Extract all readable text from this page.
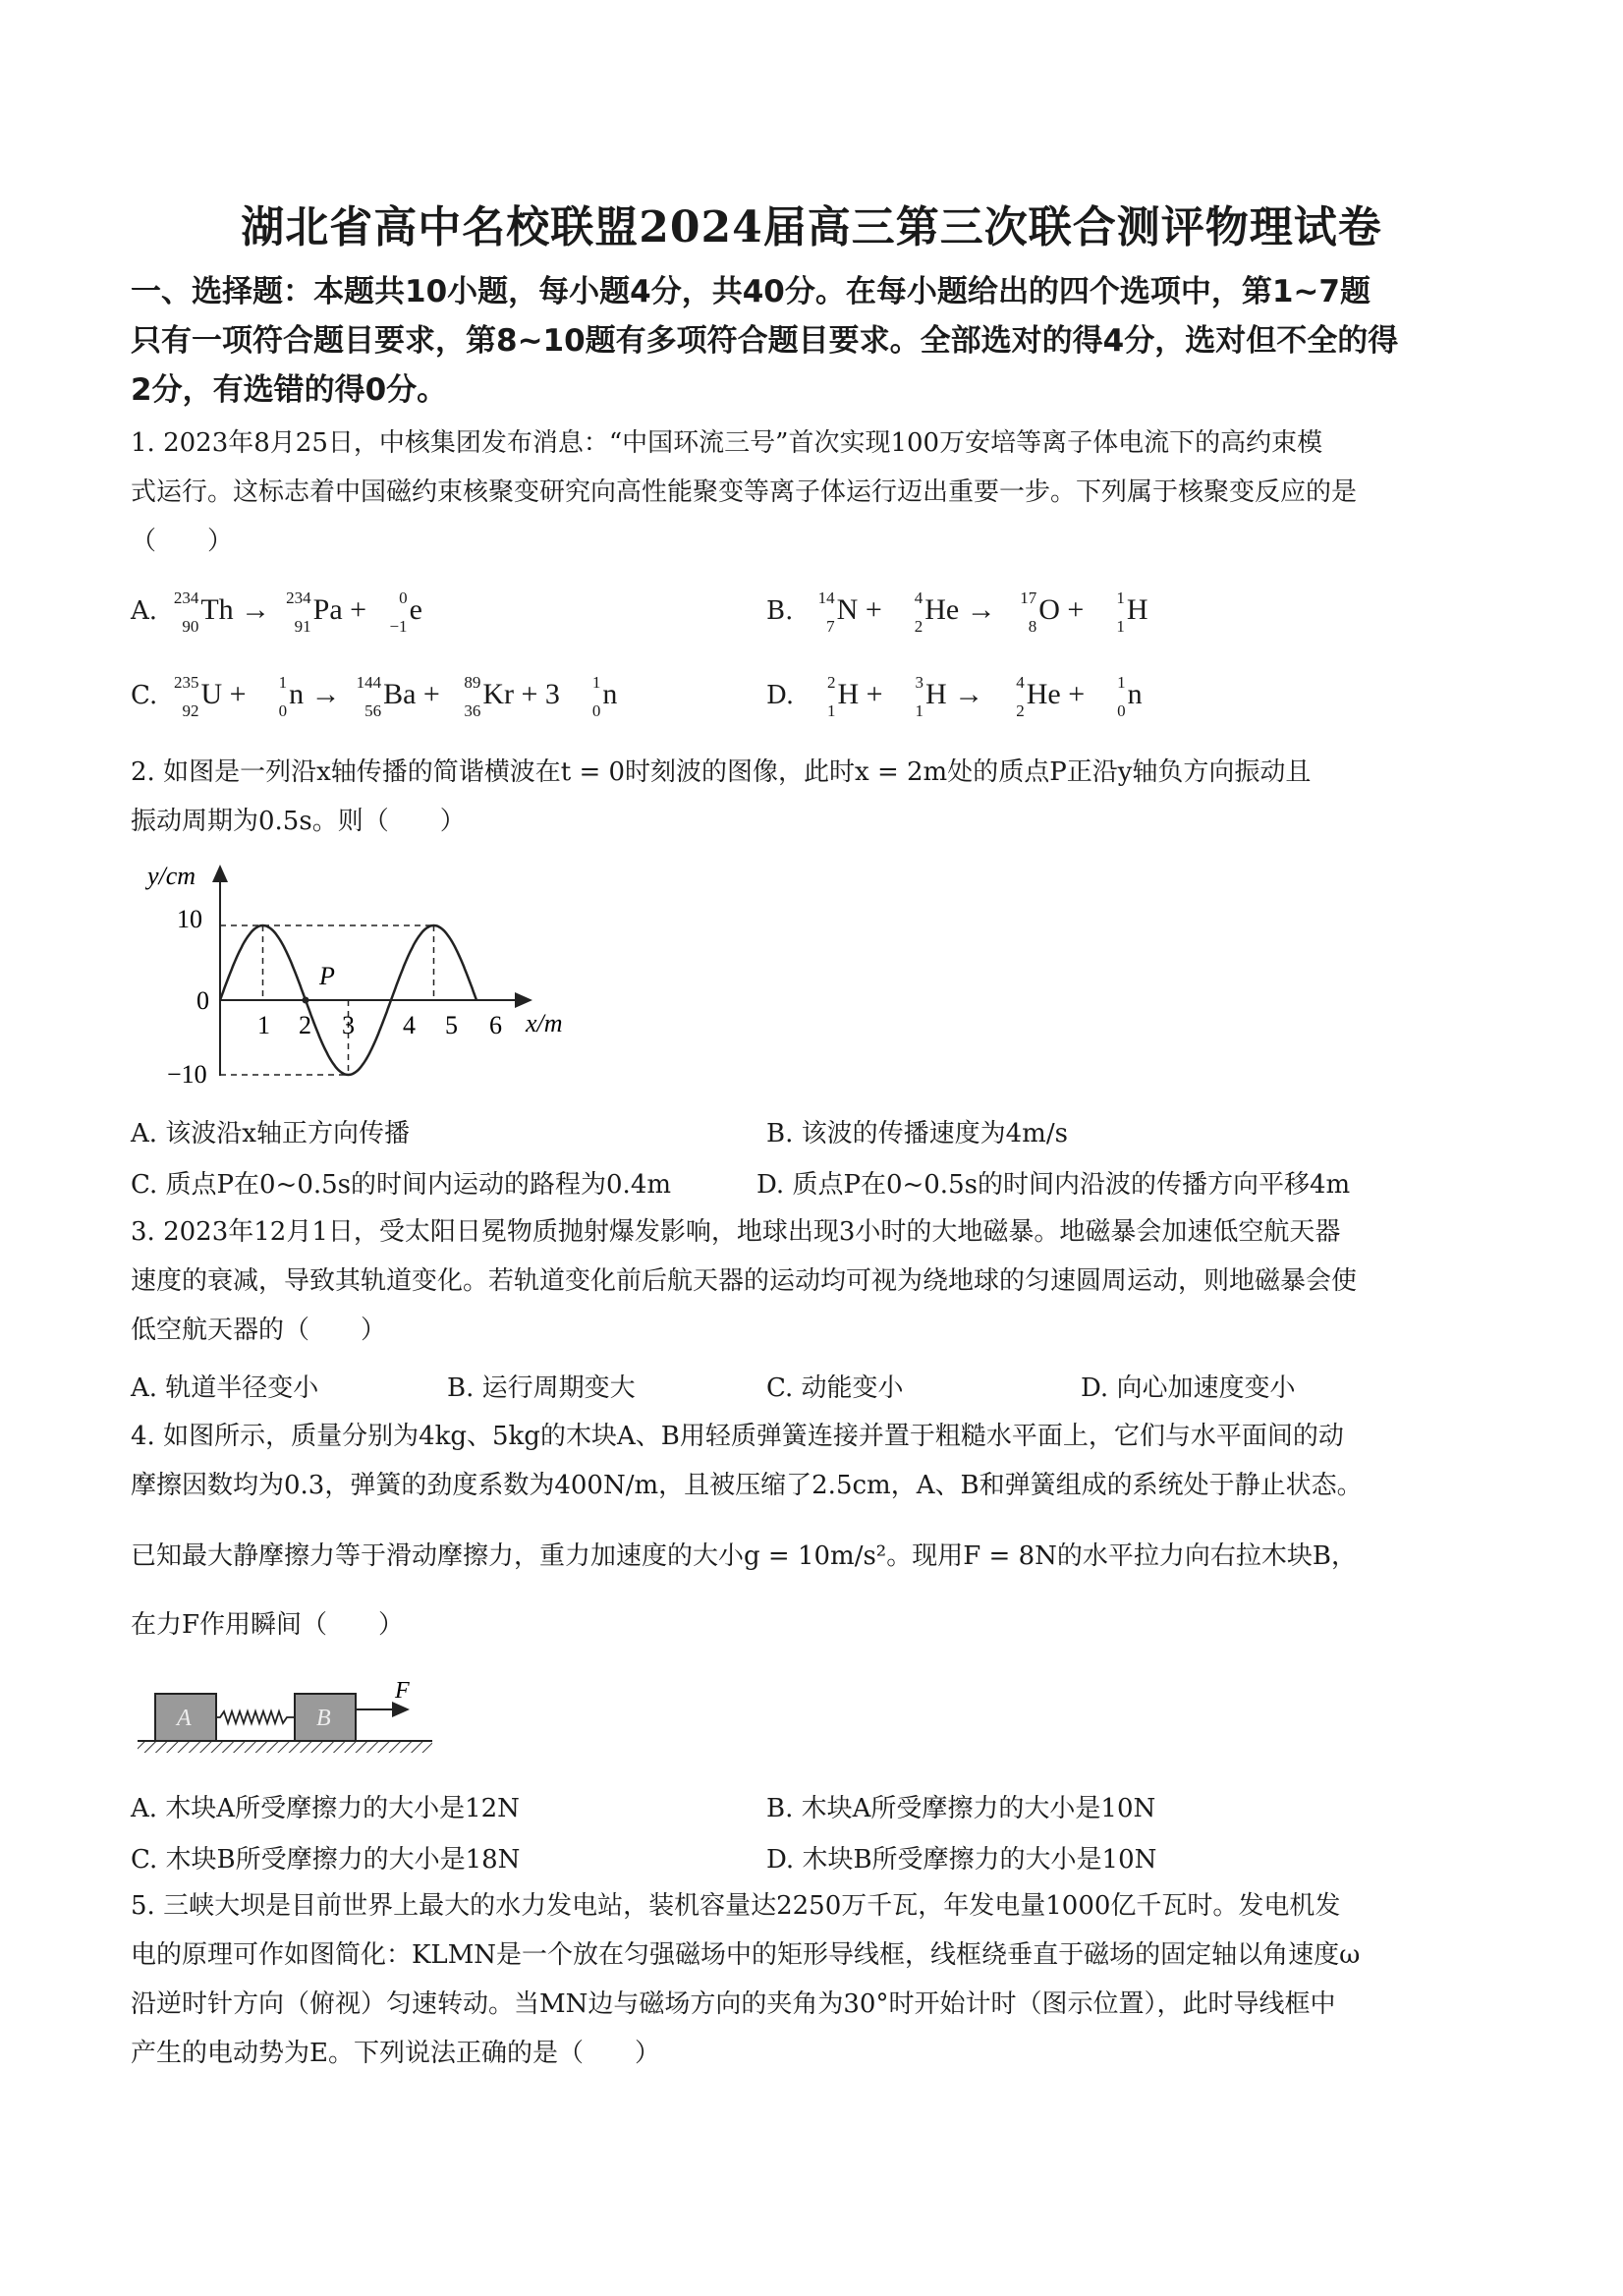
湖北省高中名校联盟2024届高三第三次联合测评物理试卷
一、选择题：本题共10小题，每小题4分，共40分。在每小题给出的四个选项中，第1~7题
只有一项符合题目要求，第8~10题有多项符合题目要求。全部选对的得4分，选对但不全的得
2分，有选错的得0分。
1. 2023年8月25日，中核集团发布消息：“中国环流三号”首次实现100万安培等离子体电流下的高约束模
式运行。这标志着中国磁约束核聚变研究向高性能聚变等离子体运行迈出重要一步。下列属于核聚变反应的是
（　　）
A. 234
90
Th → 234
91
Pa + 0
−1
e	B. 14
7
N + 4
2
He → 17
8
O + 1
1
H
C. 235
92
U + 1
0
n → 144
56
Ba + 89
36
Kr + 3 1
0
n	D. 2
1
H + 3
1
H → 4
2
He + 1
0
n
2. 如图是一列沿x轴传播的简谐横波在t = 0时刻波的图像，此时x = 2m处的质点P正沿y轴负方向振动且
振动周期为0.5s。则（　　）
y/cm
x/m
P
10
0
−10
1 2 3 4 5 6
A. 该波沿x轴正方向传播	B. 该波的传播速度为4m/s
C. 质点P在0~0.5s的时间内运动的路程为0.4m	D. 质点P在0~0.5s的时间内沿波的传播方向平移4m
3. 2023年12月1日，受太阳日冕物质抛射爆发影响，地球出现3小时的大地磁暴。地磁暴会加速低空航天器
速度的衰减，导致其轨道变化。若轨道变化前后航天器的运动均可视为绕地球的匀速圆周运动，则地磁暴会使
低空航天器的（　　）
A. 轨道半径变小	B. 运行周期变大	C. 动能变小	D. 向心加速度变小
4. 如图所示，质量分别为4kg、5kg的木块A、B用轻质弹簧连接并置于粗糙水平面上，它们与水平面间的动
摩擦因数均为0.3，弹簧的劲度系数为400N/m，且被压缩了2.5cm，A、B和弹簧组成的系统处于静止状态。
已知最大静摩擦力等于滑动摩擦力，重力加速度的大小g = 10m/s²。现用F = 8N的水平拉力向右拉木块B，
在力F作用瞬间（　　）
A	B
F
A. 木块A所受摩擦力的大小是12N	B. 木块A所受摩擦力的大小是10N
C. 木块B所受摩擦力的大小是18N	D. 木块B所受摩擦力的大小是10N
5. 三峡大坝是目前世界上最大的水力发电站，装机容量达2250万千瓦，年发电量1000亿千瓦时。发电机发
电的原理可作如图简化：KLMN是一个放在匀强磁场中的矩形导线框，线框绕垂直于磁场的固定轴以角速度ω
沿逆时针方向（俯视）匀速转动。当MN边与磁场方向的夹角为30°时开始计时（图示位置），此时导线框中
产生的电动势为E。下列说法正确的是（　　）
